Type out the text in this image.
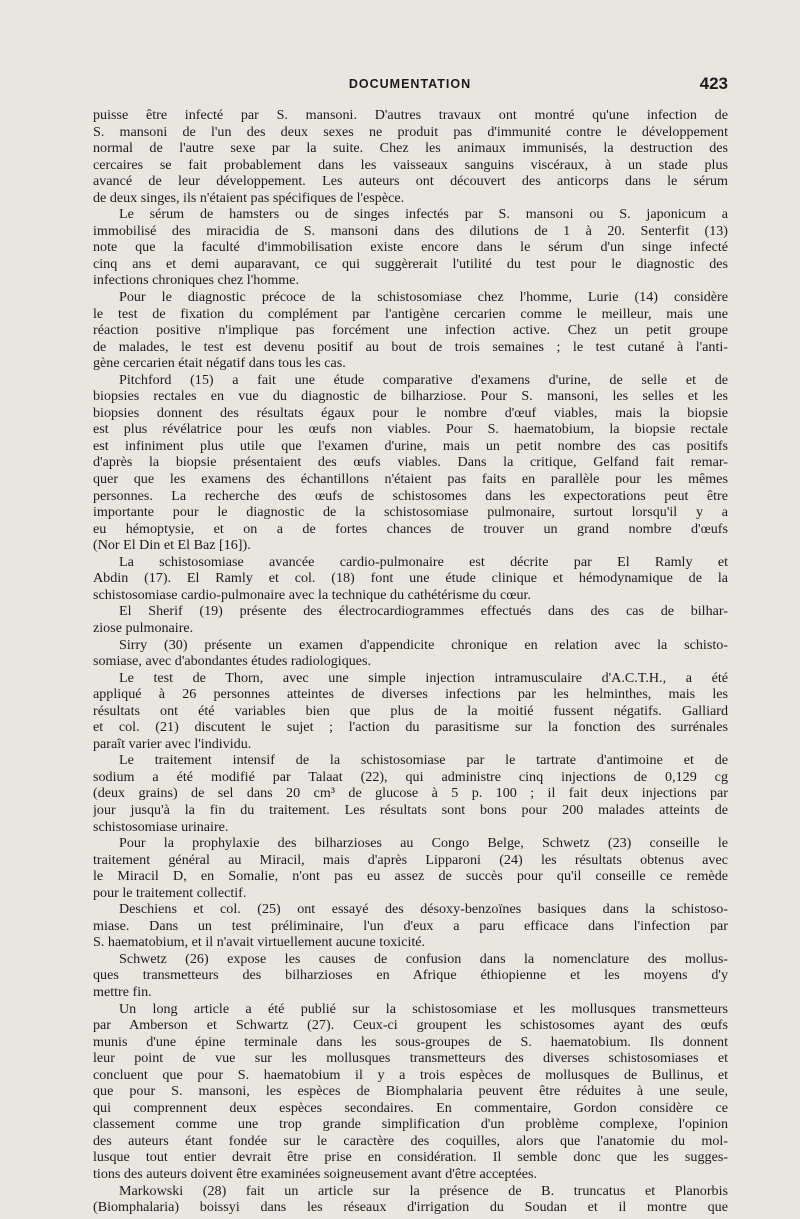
DOCUMENTATION	423
puisse être infecté par S. mansoni. D'autres travaux ont montré qu'une infection de
S. mansoni de l'un des deux sexes ne produit pas d'immunité contre le développement
normal de l'autre sexe par la suite. Chez les animaux immunisés, la destruction des
cercaires se fait probablement dans les vaisseaux sanguins viscéraux, à un stade plus
avancé de leur développement. Les auteurs ont découvert des anticorps dans le sérum
de deux singes, ils n'étaient pas spécifiques de l'espèce.
Le sérum de hamsters ou de singes infectés par S. mansoni ou S. japonicum a
immobilisé des miracidia de S. mansoni dans des dilutions de 1 à 20. Senterfit (13)
note que la faculté d'immobilisation existe encore dans le sérum d'un singe infecté
cinq ans et demi auparavant, ce qui suggèrerait l'utilité du test pour le diagnostic des
infections chroniques chez l'homme.
Pour le diagnostic précoce de la schistosomiase chez l'homme, Lurie (14) considère
le test de fixation du complément par l'antigène cercarien comme le meilleur, mais une
réaction positive n'implique pas forcément une infection active. Chez un petit groupe
de malades, le test est devenu positif au bout de trois semaines ; le test cutané à l'anti-
gène cercarien était négatif dans tous les cas.
Pitchford (15) a fait une étude comparative d'examens d'urine, de selle et de
biopsies rectales en vue du diagnostic de bilharziose. Pour S. mansoni, les selles et les
biopsies donnent des résultats égaux pour le nombre d'œuf viables, mais la biopsie
est plus révélatrice pour les œufs non viables. Pour S. haematobium, la biopsie rectale
est infiniment plus utile que l'examen d'urine, mais un petit nombre des cas positifs
d'après la biopsie présentaient des œufs viables. Dans la critique, Gelfand fait remar-
quer que les examens des échantillons n'étaient pas faits en parallèle pour les mêmes
personnes. La recherche des œufs de schistosomes dans les expectorations peut être
importante pour le diagnostic de la schistosomiase pulmonaire, surtout lorsqu'il y a
eu hémoptysie, et on a de fortes chances de trouver un grand nombre d'œufs
(Nor El Din et El Baz [16]).
La schistosomiase avancée cardio-pulmonaire est décrite par El Ramly et
Abdin (17). El Ramly et col. (18) font une étude clinique et hémodynamique de la
schistosomiase cardio-pulmonaire avec la technique du cathétérisme du cœur.
El Sherif (19) présente des électrocardiogrammes effectués dans des cas de bilhar-
ziose pulmonaire.
Sirry (30) présente un examen d'appendicite chronique en relation avec la schisto-
somiase, avec d'abondantes études radiologiques.
Le test de Thorn, avec une simple injection intramusculaire d'A.C.T.H., a été
appliqué à 26 personnes atteintes de diverses infections par les helminthes, mais les
résultats ont été variables bien que plus de la moitié fussent négatifs. Galliard
et col. (21) discutent le sujet ; l'action du parasitisme sur la fonction des surrénales
paraît varier avec l'individu.
Le traitement intensif de la schistosomiase par le tartrate d'antimoine et de
sodium a été modifié par Talaat (22), qui administre cinq injections de 0,129 cg
(deux grains) de sel dans 20 cm³ de glucose à 5 p. 100 ; il fait deux injections par
jour jusqu'à la fin du traitement. Les résultats sont bons pour 200 malades atteints de
schistosomiase urinaire.
Pour la prophylaxie des bilharzioses au Congo Belge, Schwetz (23) conseille le
traitement général au Miracil, mais d'après Lipparoni (24) les résultats obtenus avec
le Miracil D, en Somalie, n'ont pas eu assez de succès pour qu'il conseille ce remède
pour le traitement collectif.
Deschiens et col. (25) ont essayé des désoxy-benzoïnes basiques dans la schistoso-
miase. Dans un test préliminaire, l'un d'eux a paru efficace dans l'infection par
S. haematobium, et il n'avait virtuellement aucune toxicité.
Schwetz (26) expose les causes de confusion dans la nomenclature des mollus-
ques transmetteurs des bilharzioses en Afrique éthiopienne et les moyens d'y
mettre fin.
Un long article a été publié sur la schistosomiase et les mollusques transmetteurs
par Amberson et Schwartz (27). Ceux-ci groupent les schistosomes ayant des œufs
munis d'une épine terminale dans les sous-groupes de S. haematobium. Ils donnent
leur point de vue sur les mollusques transmetteurs des diverses schistosomiases et
concluent que pour S. haematobium il y a trois espèces de mollusques de Bullinus, et
que pour S. mansoni, les espèces de Biomphalaria peuvent être réduites à une seule,
qui comprennent deux espèces secondaires. En commentaire, Gordon considère ce
classement comme une trop grande simplification d'un problème complexe, l'opinion
des auteurs étant fondée sur le caractère des coquilles, alors que l'anatomie du mol-
lusque tout entier devrait être prise en considération. Il semble donc que les sugges-
tions des auteurs doivent être examinées soigneusement avant d'être acceptées.
Markowski (28) fait un article sur la présence de B. truncatus et Planorbis
(Biomphalaria) boissyi dans les réseaux d'irrigation du Soudan et il montre que
